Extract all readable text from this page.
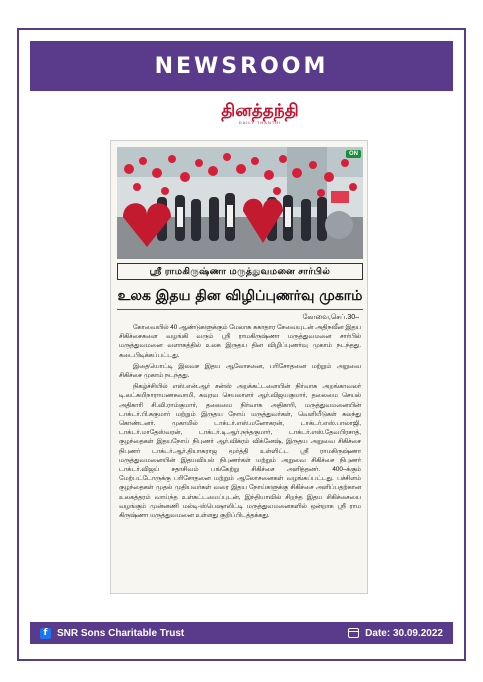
NEWSROOM
தினத்தந்தி
DAILY THANTHI
ON
ஸ்ரீ ராமகிருஷ்ணா மருத்துவமனை சார்பில்
உலக இதய தின விழிப்புணர்வு முகாம்
கோவை,செப்.30–

கோவையில் 40 ஆண்டுகளுக்கும் மேலாக சுகாதார சேவையுடன் அதிநவீன இதய சிகிச்சைகளை வழங்கி வரும் ஸ்ரீ ராமகிருஷ்ணா மருத்துவமனை சார்பில் மருத்துவமனை வளாகத்தில் உலக இருதய தின விழிப்புணர்வு முகாம் நடந்தது. கடைபிடிக்கப்பட்டது.

இதையொட்டி இலவச இதய ஆலோசனை, பரிசோதனை மற்றும் அறுவை சிகிச்சை முகாம் நடந்தது.

நிகழ்ச்சியில் எஸ்.என்.ஆர் சன்ஸ் அறக்கட்டளையின் நிர்வாக அறங்காவலர் டி.லட்சுமிநாராயணசுவாமி, கவுரவ செயலாளர் ஆர்.விஜயகுமார், தலைமை செயல் அதிகாரி சி.வி.ராம்குமார், தலைமை நிர்வாக அதிகாரி, மருத்துவமனையின் டாக்டர்.பி.சுகுமார் மற்றும் இருதய நோய் மருத்துவர்கள், வெளியீடுகள் கலந்து கொண்டனர். முகாமில் டாக்டர்.எஸ்.மனோகரன், டாக்டர்.எஸ்.பாலாஜி, டாக்டர்.மாதேஸ்வரன், டாக்டர்.டி.ஆர்.நந்தகுமார், டாக்டர்.எஸ்.தேவபிரசாத், குழந்தைகள் இதயநோய் நிபுணர் ஆர்.விக்ரம் விக்னேஷ், இருதய அறுவை சிகிச்சை நிபுணர் டாக்டர்.ஆர்.தியாகராஜ மூர்த்தி உள்ளிட்ட ஸ்ரீ ராமகிருஷ்ணா மருத்துவமனையின் இதயவியல் நிபுணர்கள் மற்றும் அறுவை சிகிச்சை நிபுணர் டாக்டர்.விஜய் சதாசிவம் பங்கேற்று சிகிச்சை அளித்தனர். 400–க்கும் மேற்பட்டோருக்கு பரிசோதனை மற்றும் ஆலோசனைகள் வழங்கப்பட்டது. பச்சிளம் குழந்தைகள் முதல் முதியவர்கள் வரை இதய நோய்களுக்கு சிகிச்சை அளிப்பதற்கான உலகத்தரம் வாய்ந்த உள்கட்டமைப்புடன், இந்தியாவில் சிறந்த இதய சிகிச்சையை வழங்கும் முன்னணி மல்டி-ஸ்பெஷாலிட்டி மருத்துவமனைகளில் ஒன்றாக ஸ்ரீ ராம கிருஷ்ணா மருத்துவமனை உள்ளது குறிப்பிடத்தக்கது.

f SNR Sons Charitable Trust	Date: 30.09.2022
